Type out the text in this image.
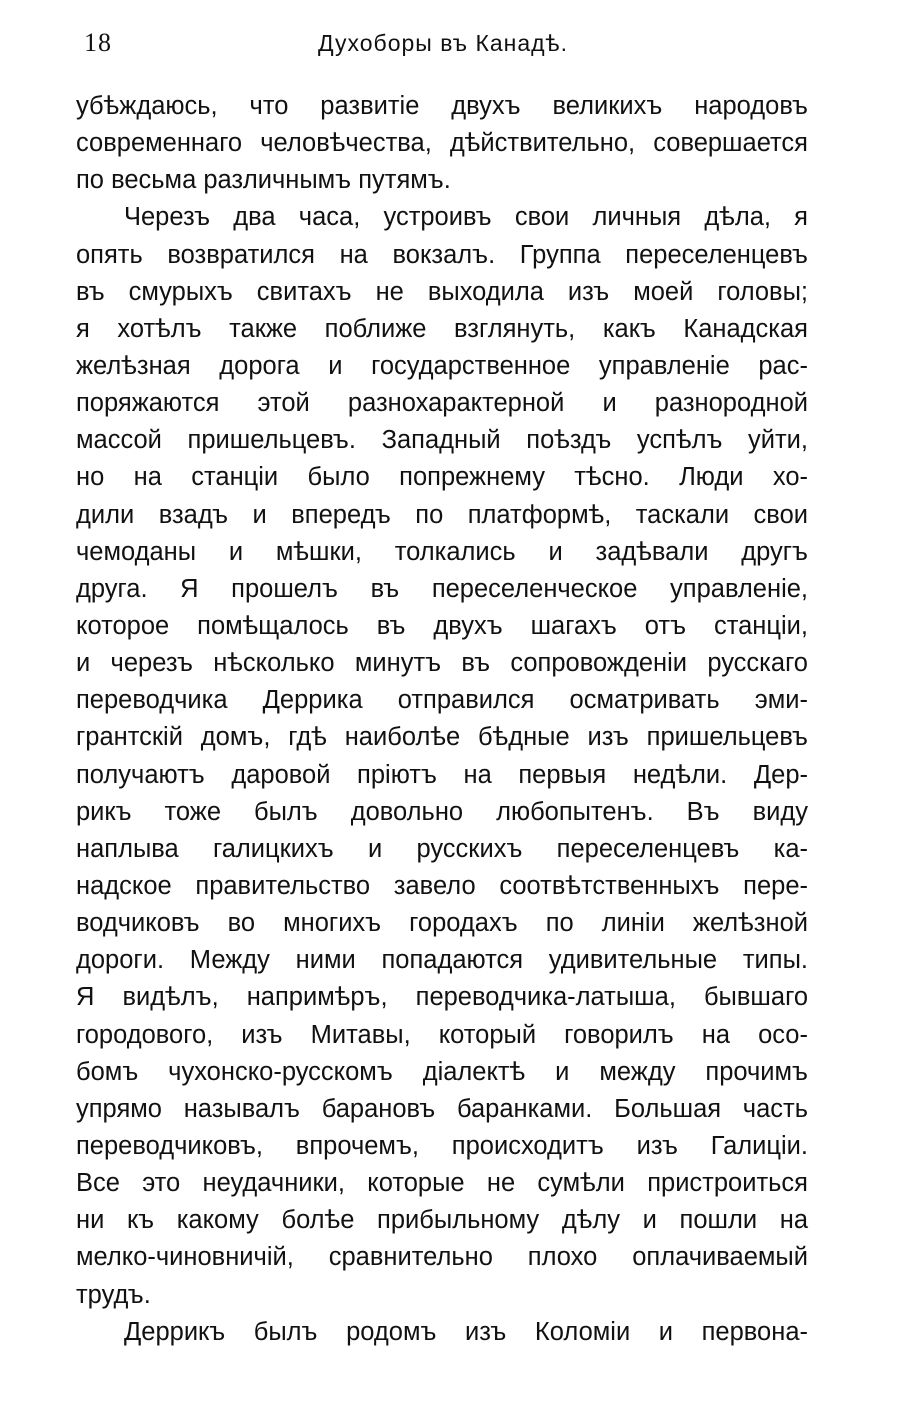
18	Духоборы въ Канадѣ.
убѣждаюсь, что развитіе двухъ великихъ народовъ
современнаго человѣчества, дѣйствительно, совершается
по весьма различнымъ путямъ.
Черезъ два часа, устроивъ свои личныя дѣла, я
опять возвратился на вокзалъ. Группа переселенцевъ
въ смурыхъ свитахъ не выходила изъ моей головы;
я хотѣлъ также поближе взглянуть, какъ Канадская
желѣзная дорога и государственное управленіе рас-
поряжаются этой разнохарактерной и разнородной
массой пришельцевъ. Западный поѣздъ успѣлъ уйти,
но на станціи было попрежнему тѣсно. Люди хо-
дили взадъ и впередъ по платформѣ, таскали свои
чемоданы и мѣшки, толкались и задѣвали другъ
друга. Я прошелъ въ переселенческое управленіе,
которое помѣщалось въ двухъ шагахъ отъ станціи,
и черезъ нѣсколько минутъ въ сопровожденіи русскаго
переводчика Деррика отправился осматривать эми-
грантскій домъ, гдѣ наиболѣе бѣдные изъ пришельцевъ
получаютъ даровой пріютъ на первыя недѣли. Дер-
рикъ тоже былъ довольно любопытенъ. Въ виду
наплыва галицкихъ и русскихъ переселенцевъ ка-
надское правительство завело соотвѣтственныхъ пере-
водчиковъ во многихъ городахъ по линіи желѣзной
дороги. Между ними попадаются удивительные типы.
Я видѣлъ, напримѣръ, переводчика-латыша, бывшаго
городового, изъ Митавы, который говорилъ на осо-
бомъ чухонско-русскомъ діалектѣ и между прочимъ
упрямо называлъ барановъ баранками. Большая часть
переводчиковъ, впрочемъ, происходитъ изъ Галиціи.
Все это неудачники, которые не сумѣли пристроиться
ни къ какому болѣе прибыльному дѣлу и пошли на
мелко-чиновничій, сравнительно плохо оплачиваемый
трудъ.
Деррикъ былъ родомъ изъ Коломіи и первона-
